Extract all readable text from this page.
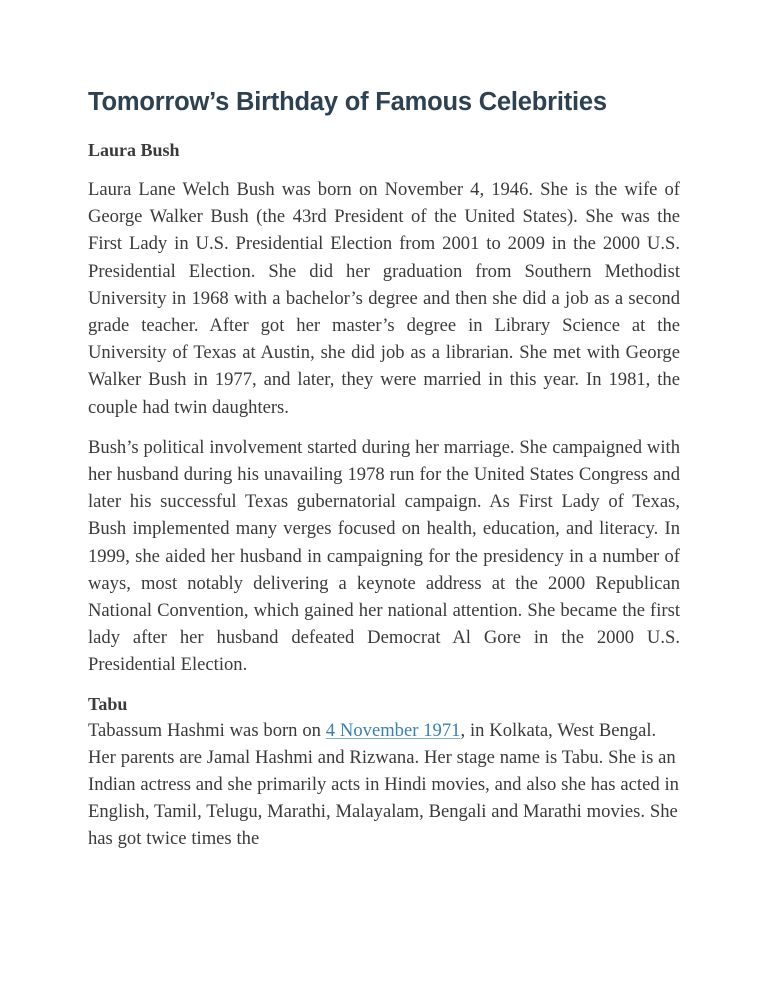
Tomorrow’s Birthday of Famous Celebrities
Laura Bush

Laura Lane Welch Bush was born on November 4, 1946. She is the wife of George Walker Bush (the 43rd President of the United States). She was the First Lady in U.S. Presidential Election from 2001 to 2009 in the 2000 U.S. Presidential Election. She did her graduation from Southern Methodist University in 1968 with a bachelor’s degree and then she did a job as a second grade teacher. After got her master’s degree in Library Science at the University of Texas at Austin, she did job as a librarian. She met with George Walker Bush in 1977, and later, they were married in this year. In 1981, the couple had twin daughters.

Bush’s political involvement started during her marriage. She campaigned with her husband during his unavailing 1978 run for the United States Congress and later his successful Texas gubernatorial campaign. As First Lady of Texas, Bush implemented many verges focused on health, education, and literacy. In 1999, she aided her husband in campaigning for the presidency in a number of ways, most notably delivering a keynote address at the 2000 Republican National Convention, which gained her national attention. She became the first lady after her husband defeated Democrat Al Gore in the 2000 U.S. Presidential Election.

Tabu

Tabassum Hashmi was born on 4 November 1971, in Kolkata, West Bengal. Her parents are Jamal Hashmi and Rizwana. Her stage name is Tabu. She is an Indian actress and she primarily acts in Hindi movies, and also she has acted in English, Tamil, Telugu, Marathi, Malayalam, Bengali and Marathi movies. She has got twice times the
